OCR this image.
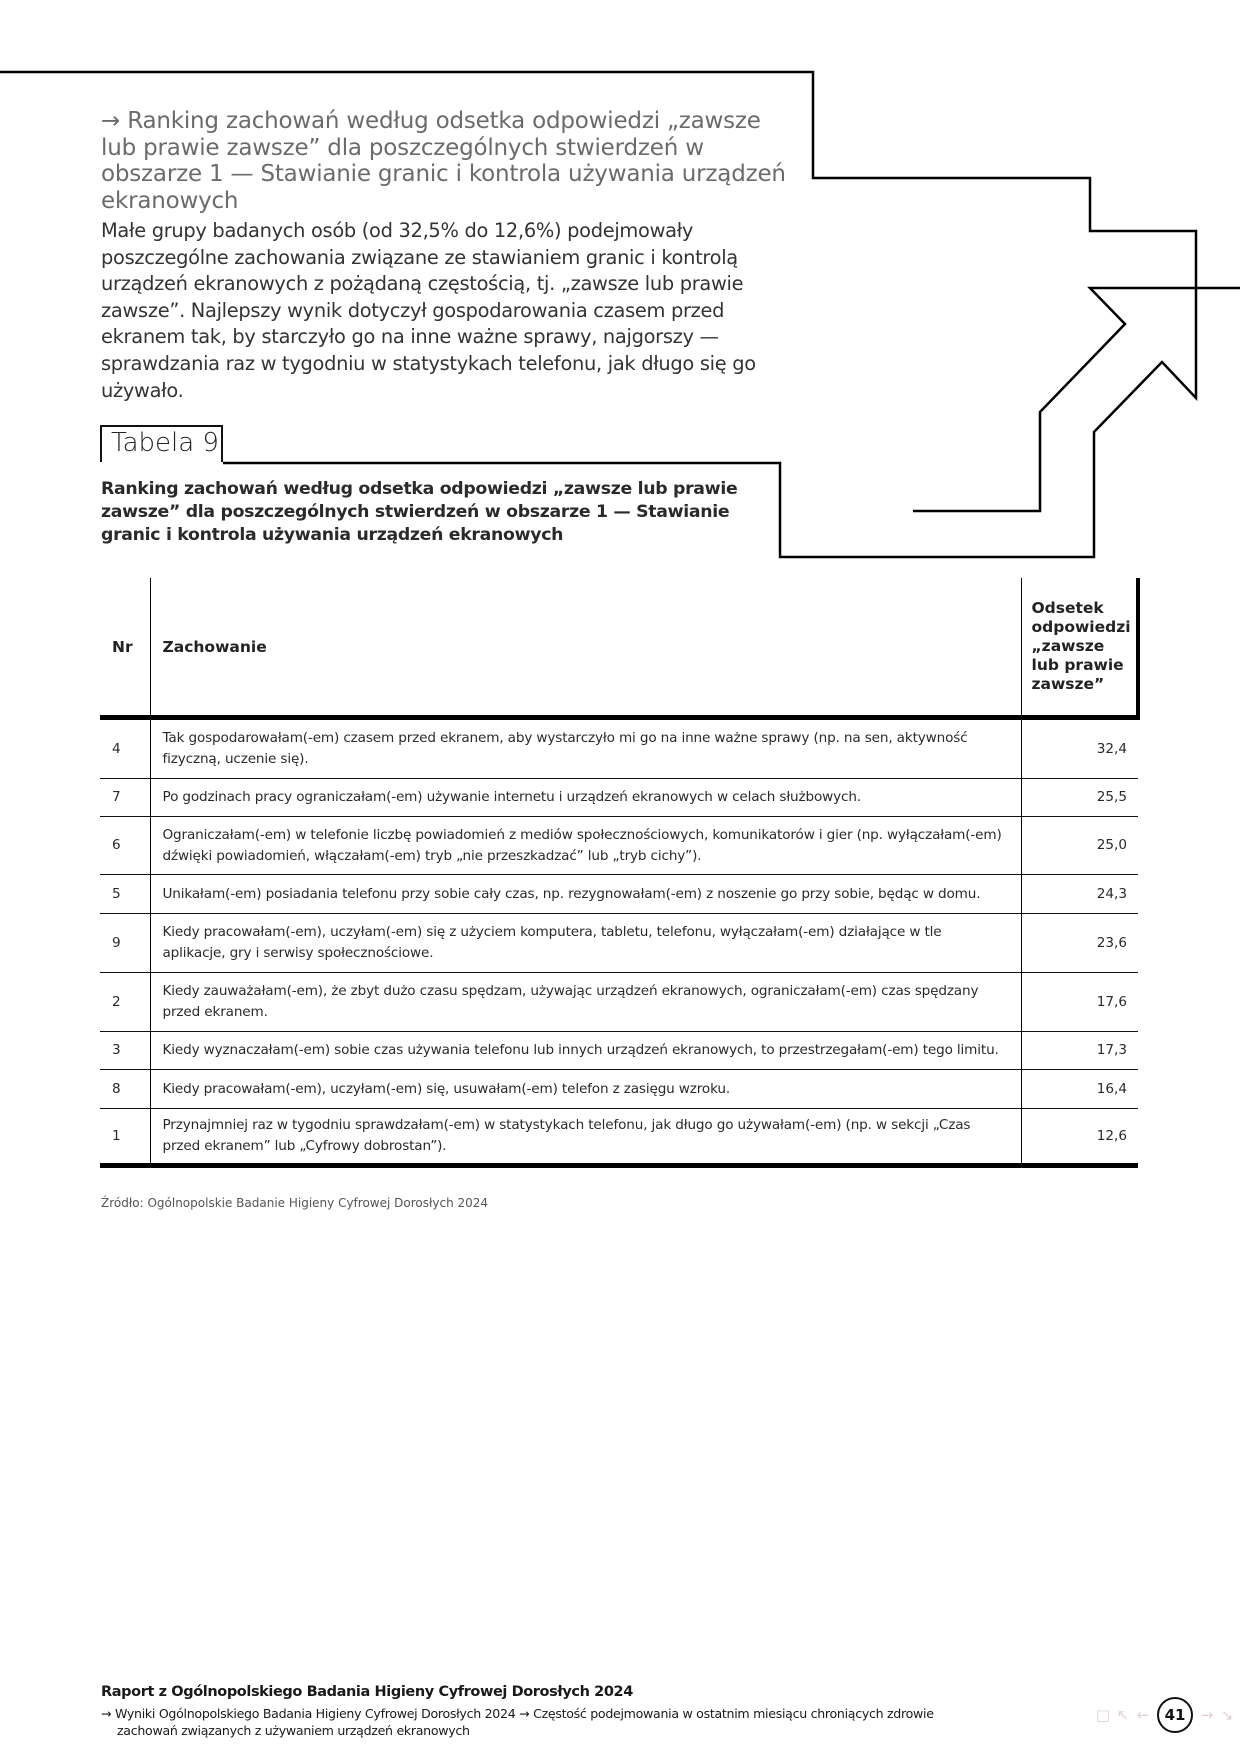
→ Ranking zachowań według odsetka odpowiedzi „zawsze lub prawie zawsze” dla poszczególnych stwierdzeń w obszarze 1 — Stawianie granic i kontrola używania urządzeń ekranowych
Małe grupy badanych osób (od 32,5% do 12,6%) podejmowały poszczególne zachowania związane ze stawianiem granic i kontrolą urządzeń ekranowych z pożądaną częstością, tj. „zawsze lub prawie zawsze”. Najlepszy wynik dotyczył gospodarowania czasem przed ekranem tak, by starczyło go na inne ważne sprawy, najgorszy — sprawdzania raz w tygodniu w statystykach telefonu, jak długo się go używało.
Tabela 9
Ranking zachowań według odsetka odpowiedzi „zawsze lub prawie zawsze” dla poszczególnych stwierdzeń w obszarze 1 — Stawianie granic i kontrola używania urządzeń ekranowych
Nr	Zachowanie	Odsetek odpowiedzi „zawsze lub prawie zawsze”
4	Tak gospodarowałam(-em) czasem przed ekranem, aby wystarczyło mi go na inne ważne sprawy (np. na sen, aktywność fizyczną, uczenie się).	32,4
7	Po godzinach pracy ograniczałam(-em) używanie internetu i urządzeń ekranowych w celach służbowych.	25,5
6	Ograniczałam(-em) w telefonie liczbę powiadomień z mediów społecznościowych, komunikatorów i gier (np. wyłączałam(-em) dźwięki powiadomień, włączałam(-em) tryb „nie przeszkadzać” lub „tryb cichy”).	25,0
5	Unikałam(-em) posiadania telefonu przy sobie cały czas, np. rezygnowałam(-em) z noszenie go przy sobie, będąc w domu.	24,3
9	Kiedy pracowałam(-em), uczyłam(-em) się z użyciem komputera, tabletu, telefonu, wyłączałam(-em) działające w tle aplikacje, gry i serwisy społecznościowe.	23,6
2	Kiedy zauważałam(-em), że zbyt dużo czasu spędzam, używając urządzeń ekranowych, ograniczałam(-em) czas spędzany przed ekranem.	17,6
3	Kiedy wyznaczałam(-em) sobie czas używania telefonu lub innych urządzeń ekranowych, to przestrzegałam(-em) tego limitu.	17,3
8	Kiedy pracowałam(-em), uczyłam(-em) się, usuwałam(-em) telefon z zasięgu wzroku.	16,4
1	Przynajmniej raz w tygodniu sprawdzałam(-em) w statystykach telefonu, jak długo go używałam(-em) (np. w sekcji „Czas przed ekranem” lub „Cyfrowy dobrostan”).	12,6
Źródło: Ogólnopolskie Badanie Higieny Cyfrowej Dorosłych 2024
Raport z Ogólnopolskiego Badania Higieny Cyfrowej Dorosłych 2024
→ Wyniki Ogólnopolskiego Badania Higieny Cyfrowej Dorosłych 2024 → Częstość podejmowania w ostatnim miesiącu chroniących zdrowie
zachowań związanych z używaniem urządzeń ekranowych
□ ↖ ←	41	→ ↘
